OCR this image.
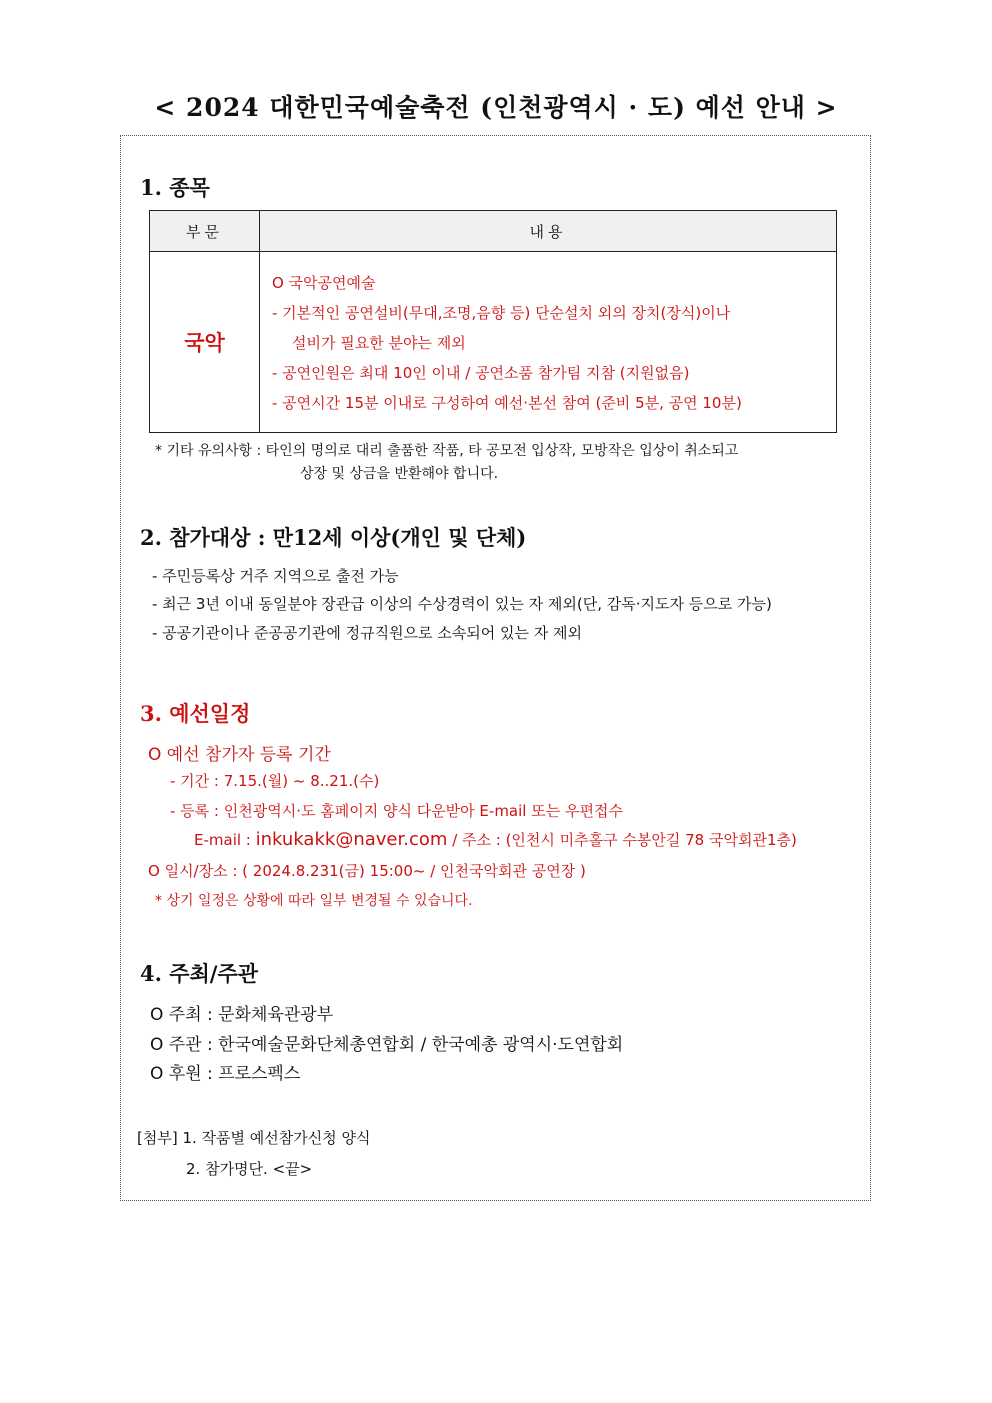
< 2024 대한민국예술축전 (인천광역시 · 도) 예선 안내 >
1. 종목
부문	내용
국악	O 국악공연예술
- 기본적인 공연설비(무대,조명,음향 등) 단순설치 외의 장치(장식)이나
설비가 필요한 분야는 제외
- 공연인원은 최대 10인 이내 / 공연소품 참가팀 지참 (지원없음)
- 공연시간 15분 이내로 구성하여 예선·본선 참여 (준비 5분, 공연 10분)
* 기타 유의사항 : 타인의 명의로 대리 출품한 작품, 타 공모전 입상작, 모방작은 입상이 취소되고
상장 및 상금을 반환해야 합니다.
2. 참가대상 : 만12세 이상(개인 및 단체)
- 주민등록상 거주 지역으로 출전 가능
- 최근 3년 이내 동일분야 장관급 이상의 수상경력이 있는 자 제외(단, 감독·지도자 등으로 가능)
- 공공기관이나 준공공기관에 정규직원으로 소속되어 있는 자 제외
3. 예선일정
O 예선 참가자 등록 기간
- 기간 : 7.15.(월) ~ 8..21.(수)
- 등록 : 인천광역시·도 홈페이지 양식 다운받아 E-mail 또는 우편접수
E-mail : inkukakk@naver.com / 주소 : (인천시 미추홀구 수봉안길 78 국악회관1층)
O 일시/장소 : ( 2024.8.231(금) 15:00~ / 인천국악회관 공연장 )
* 상기 일정은 상황에 따라 일부 변경될 수 있습니다.
4. 주최/주관
O 주최 : 문화체육관광부
O 주관 : 한국예술문화단체총연합회 / 한국예총 광역시·도연합회
O 후원 : 프로스펙스
[첨부] 1. 작품별 예선참가신청 양식
2. 참가명단. <끝>
